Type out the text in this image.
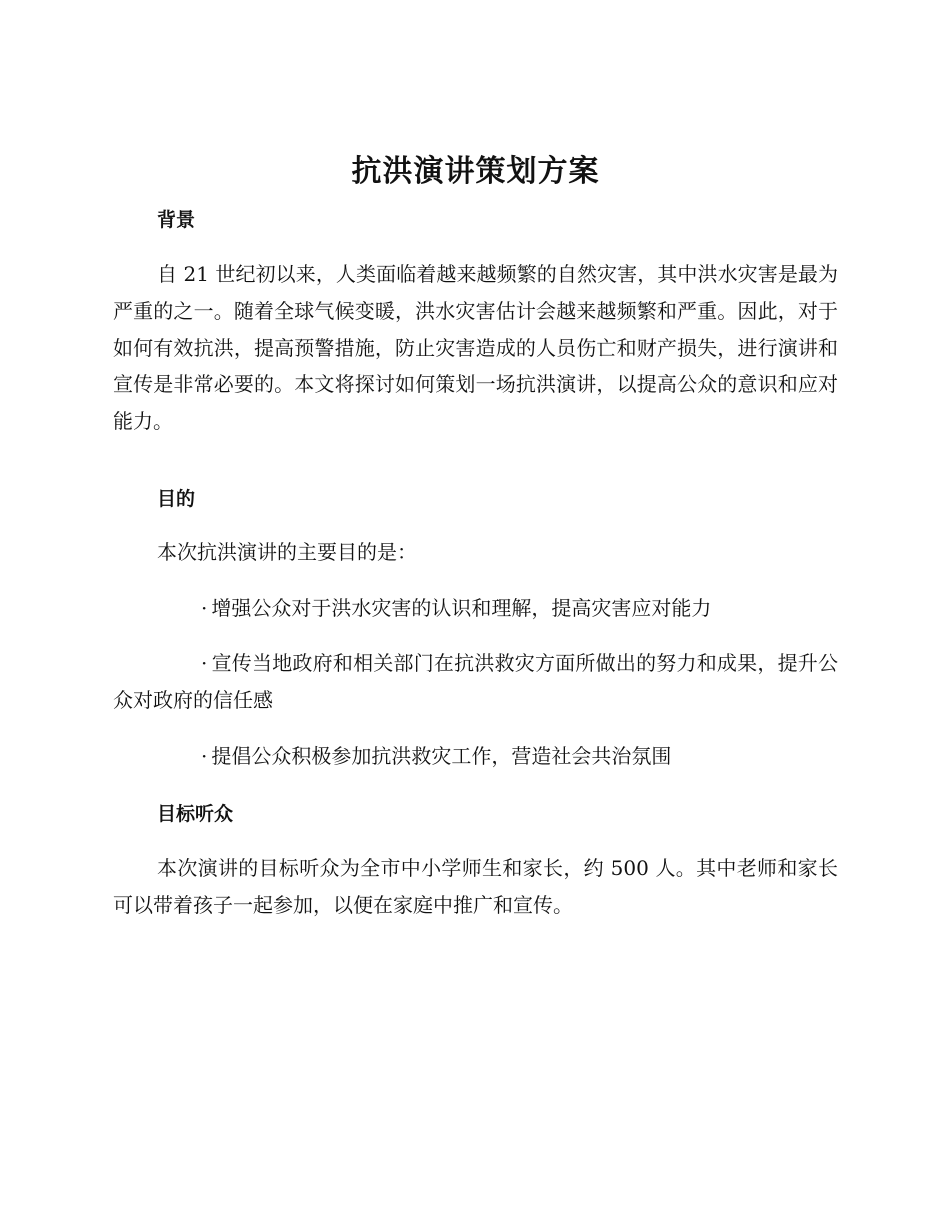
抗洪演讲策划方案
背景

自 21 世纪初以来，人类面临着越来越频繁的自然灾害，其中洪水灾害是最为严重的之一。随着全球气候变暖，洪水灾害估计会越来越频繁和严重。因此，对于如何有效抗洪，提高预警措施，防止灾害造成的人员伤亡和财产损失，进行演讲和宣传是非常必要的。本文将探讨如何策划一场抗洪演讲，以提高公众的意识和应对能力。

目的

本次抗洪演讲的主要目的是：

· 增强公众对于洪水灾害的认识和理解，提高灾害应对能力

· 宣传当地政府和相关部门在抗洪救灾方面所做出的努力和成果，提升公众对政府的信任感

· 提倡公众积极参加抗洪救灾工作，营造社会共治氛围

目标听众

本次演讲的目标听众为全市中小学师生和家长，约 500 人。其中老师和家长可以带着孩子一起参加，以便在家庭中推广和宣传。
